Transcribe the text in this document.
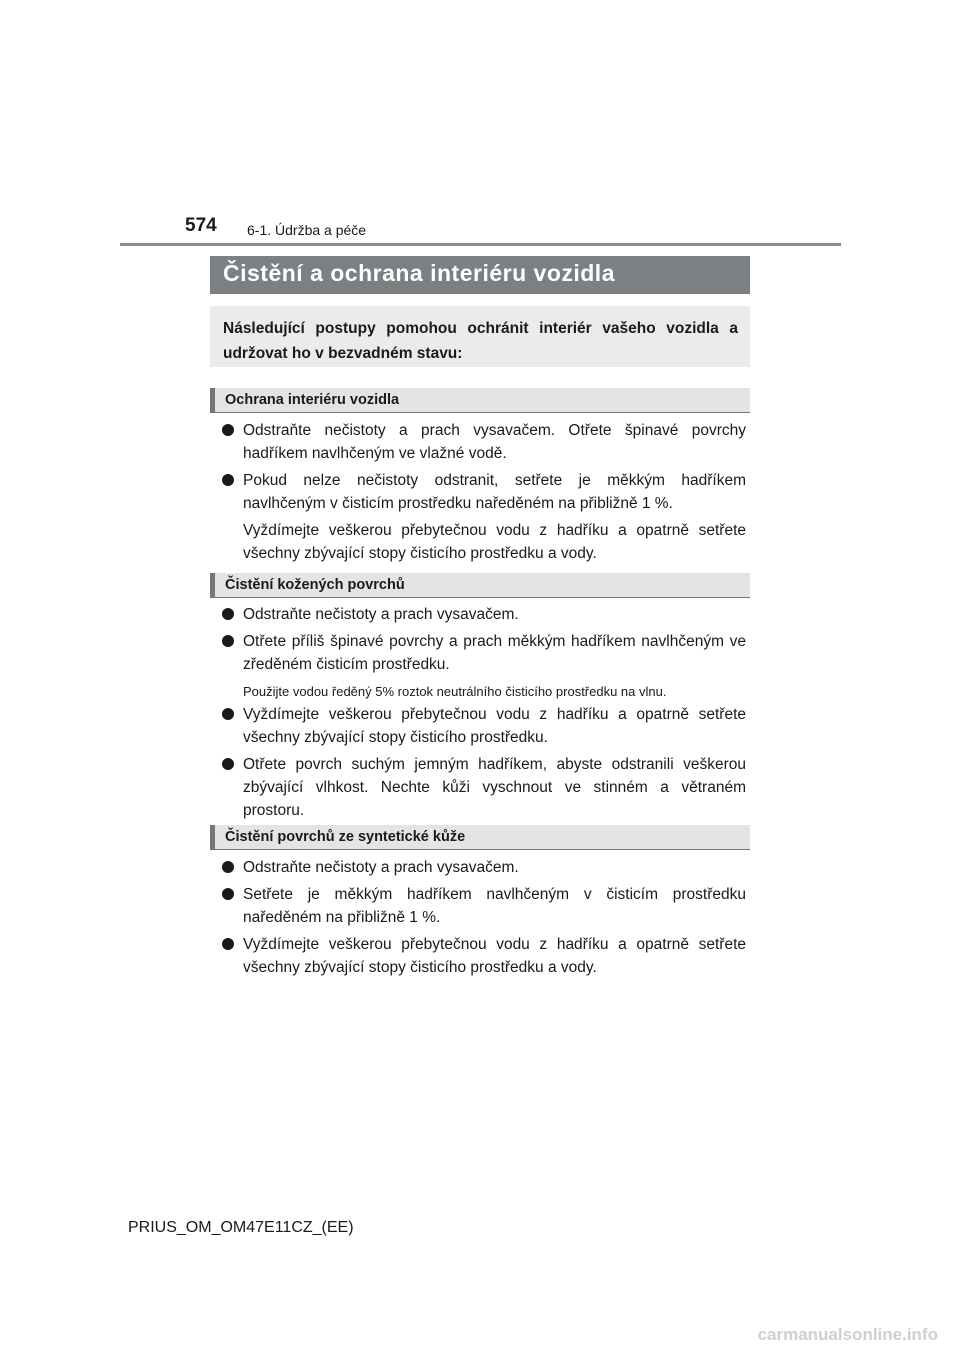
574 6-1. Údržba a péče
Čistění a ochrana interiéru vozidla
Následující postupy pomohou ochránit interiér vašeho vozidla a udržovat ho v bezvadném stavu:
Ochrana interiéru vozidla
Odstraňte nečistoty a prach vysavačem. Otřete špinavé povrchy hadříkem navlhčeným ve vlažné vodě.
Pokud nelze nečistoty odstranit, setřete je měkkým hadříkem navlhčeným v čisticím prostředku naředěném na přibližně 1 %.
Vyždímejte veškerou přebytečnou vodu z hadříku a opatrně setřete všechny zbývající stopy čisticího prostředku a vody.
Čistění kožených povrchů
Odstraňte nečistoty a prach vysavačem.
Otřete příliš špinavé povrchy a prach měkkým hadříkem navlhčeným ve zředěném čisticím prostředku.
Použijte vodou ředěný 5% roztok neutrálního čisticího prostředku na vlnu.
Vyždímejte veškerou přebytečnou vodu z hadříku a opatrně setřete všechny zbývající stopy čisticího prostředku.
Otřete povrch suchým jemným hadříkem, abyste odstranili veškerou zbývající vlhkost. Nechte kůži vyschnout ve stinném a větraném prostoru.
Čistění povrchů ze syntetické kůže
Odstraňte nečistoty a prach vysavačem.
Setřete je měkkým hadříkem navlhčeným v čisticím prostředku naředěném na přibližně 1 %.
Vyždímejte veškerou přebytečnou vodu z hadříku a opatrně setřete všechny zbývající stopy čisticího prostředku a vody.
PRIUS_OM_OM47E11CZ_(EE)
carmanualsonline.info
